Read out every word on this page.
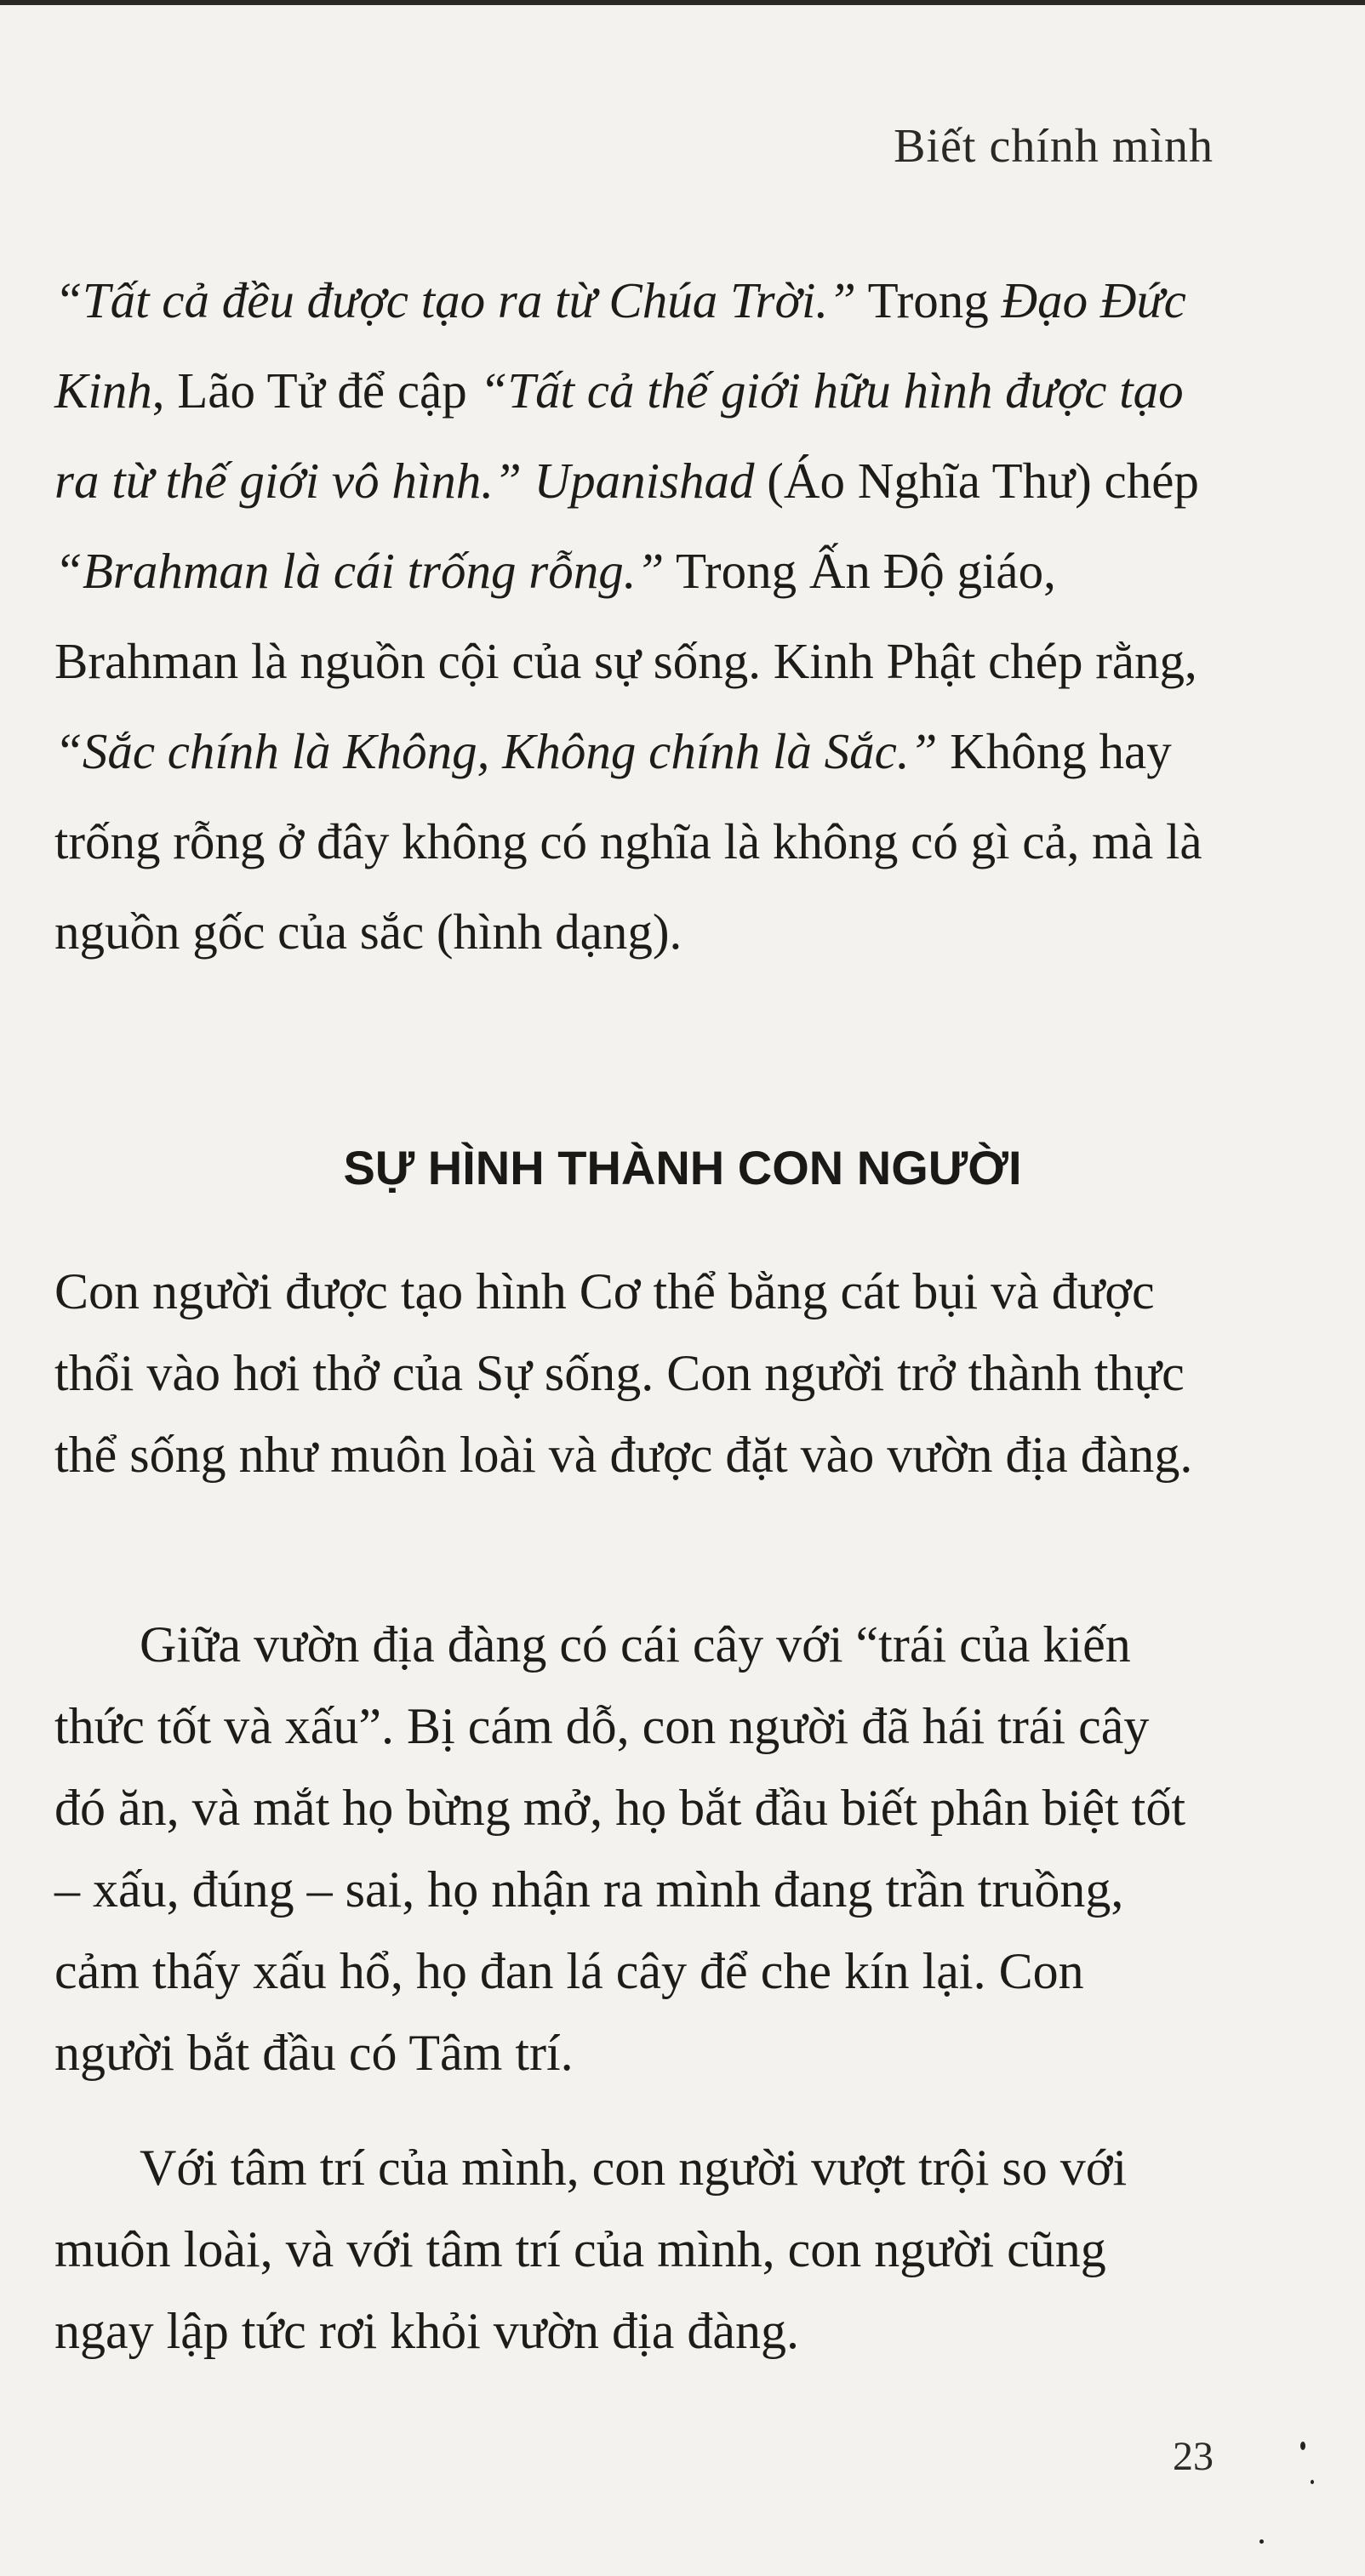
Biết chính mình

“Tất cả đều được tạo ra từ Chúa Trời.” Trong Đạo Đức Kinh, Lão Tử để cập “Tất cả thế giới hữu hình được tạo ra từ thế giới vô hình.” Upanishad (Áo Nghĩa Thư) chép “Brahman là cái trống rỗng.” Trong Ấn Độ giáo, Brahman là nguồn cội của sự sống. Kinh Phật chép rằng, “Sắc chính là Không, Không chính là Sắc.” Không hay trống rỗng ở đây không có nghĩa là không có gì cả, mà là nguồn gốc của sắc (hình dạng).

SỰ HÌNH THÀNH CON NGƯỜI

Con người được tạo hình Cơ thể bằng cát bụi và được thổi vào hơi thở của Sự sống. Con người trở thành thực thể sống như muôn loài và được đặt vào vườn địa đàng.

Giữa vườn địa đàng có cái cây với “trái của kiến thức tốt và xấu”. Bị cám dỗ, con người đã hái trái cây đó ăn, và mắt họ bừng mở, họ bắt đầu biết phân biệt tốt – xấu, đúng – sai, họ nhận ra mình đang trần truồng, cảm thấy xấu hổ, họ đan lá cây để che kín lại. Con người bắt đầu có Tâm trí.

Với tâm trí của mình, con người vượt trội so với muôn loài, và với tâm trí của mình, con người cũng ngay lập tức rơi khỏi vườn địa đàng.

23
